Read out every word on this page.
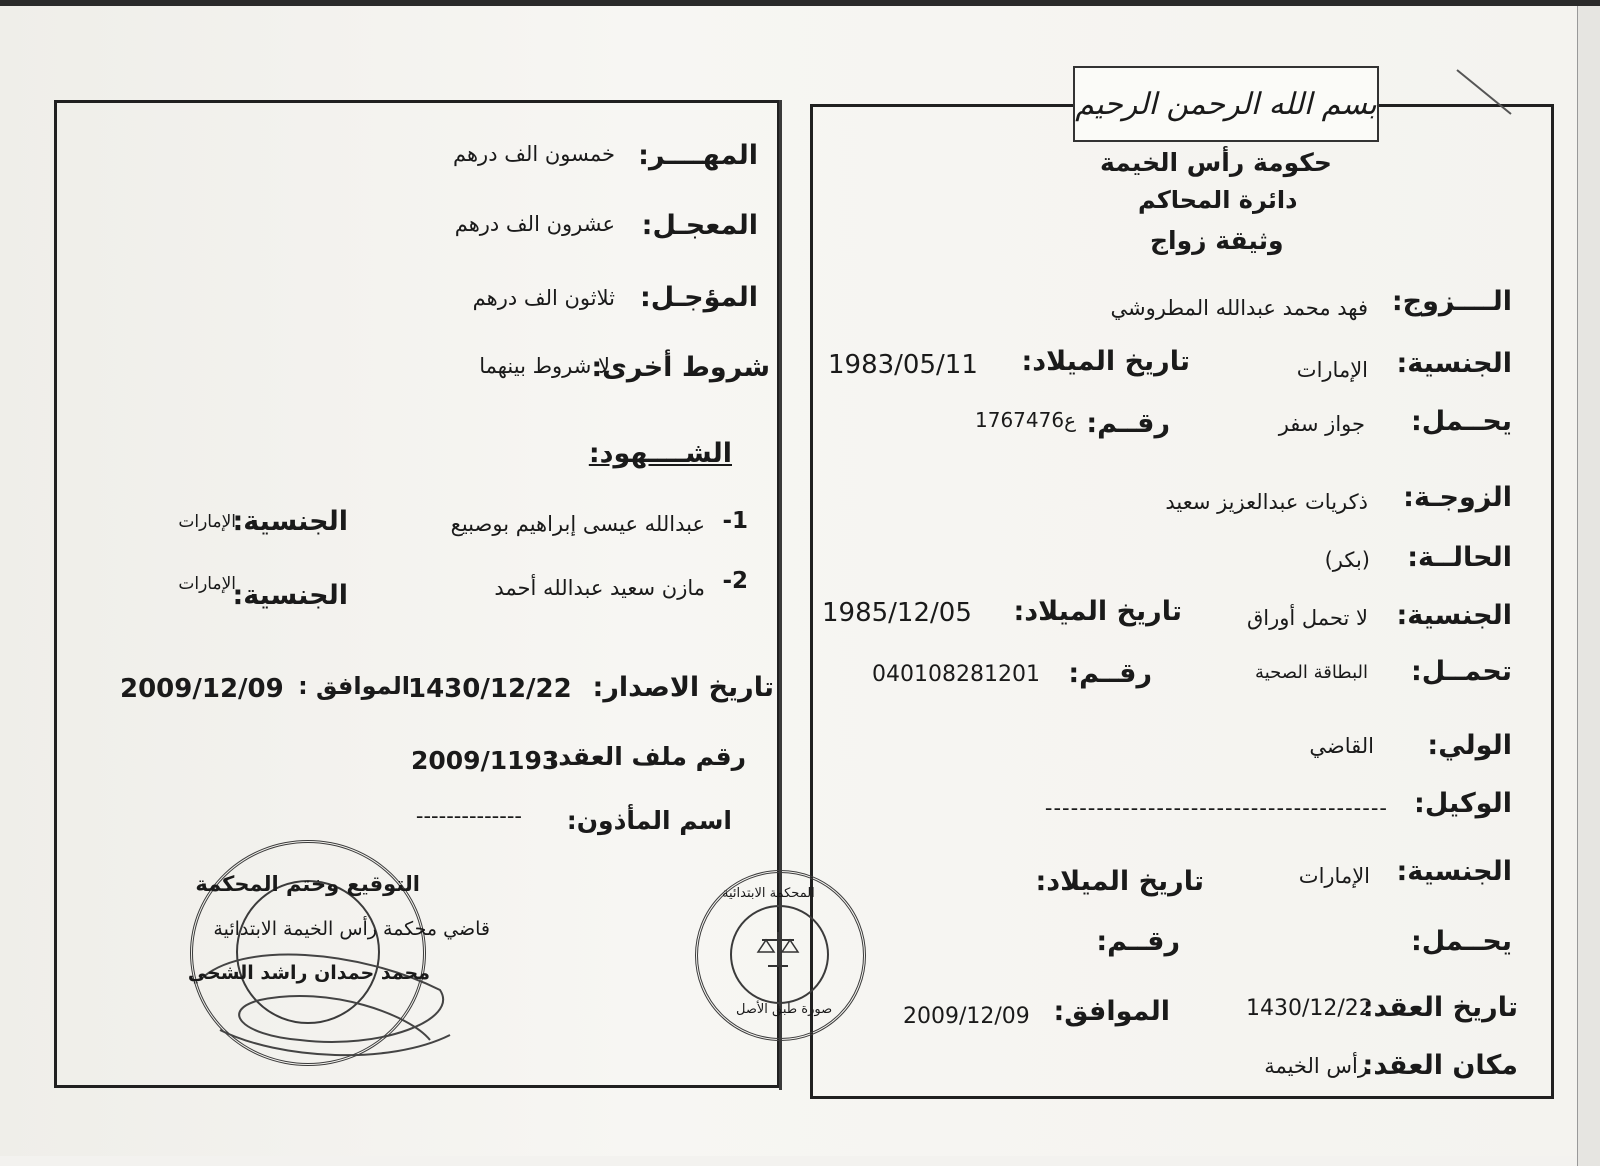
بسم الله الرحمن الرحيم
حكومة رأس الخيمة
دائرة المحاكم
وثيقة زواج
الــــزوج:
فهد محمد عبدالله المطروشي
الجنسية:
الإمارات
تاريخ الميلاد:
1983/05/11
يحــمل:
جواز سفر
رقــم:
ع1767476
الزوجـة:
ذكريات عبدالعزيز سعيد
الحالــة:
(بكر)
الجنسية:
لا تحمل أوراق
تاريخ الميلاد:
1985/12/05
تحمــل:
البطاقة الصحية
رقــم:
040108281201
الولي:
القاضي
الوكيل:
----------------------------------------
الجنسية:
الإمارات
تاريخ الميلاد:
يحــمل:
رقــم:
تاريخ العقد:
1430/12/22
الموافق:
2009/12/09
مكان العقد:
رأس الخيمة
المهــــر:
خمسون الف درهم
المعجـل:
عشرون الف درهم
المؤجـل:
ثلاثون الف درهم
شروط أخرى:
لا شروط بينهما
الشــــهود:
1-
عبدالله عيسى إبراهيم بوصبيع
الجنسية:
الإمارات
2-
مازن سعيد عبدالله أحمد
الجنسية:
الإمارات
تاريخ الاصدار:
1430/12/22
الموافق :
2009/12/09
رقم ملف العقد:
2009/1193
اسم المأذون:
--------------
التوقيع وختم المحكمة
قاضي محكمة رأس الخيمة الابتدائية
محمد حمدان راشد الشحي
المحكمة الابتدائية
صورة طبق الأصل
